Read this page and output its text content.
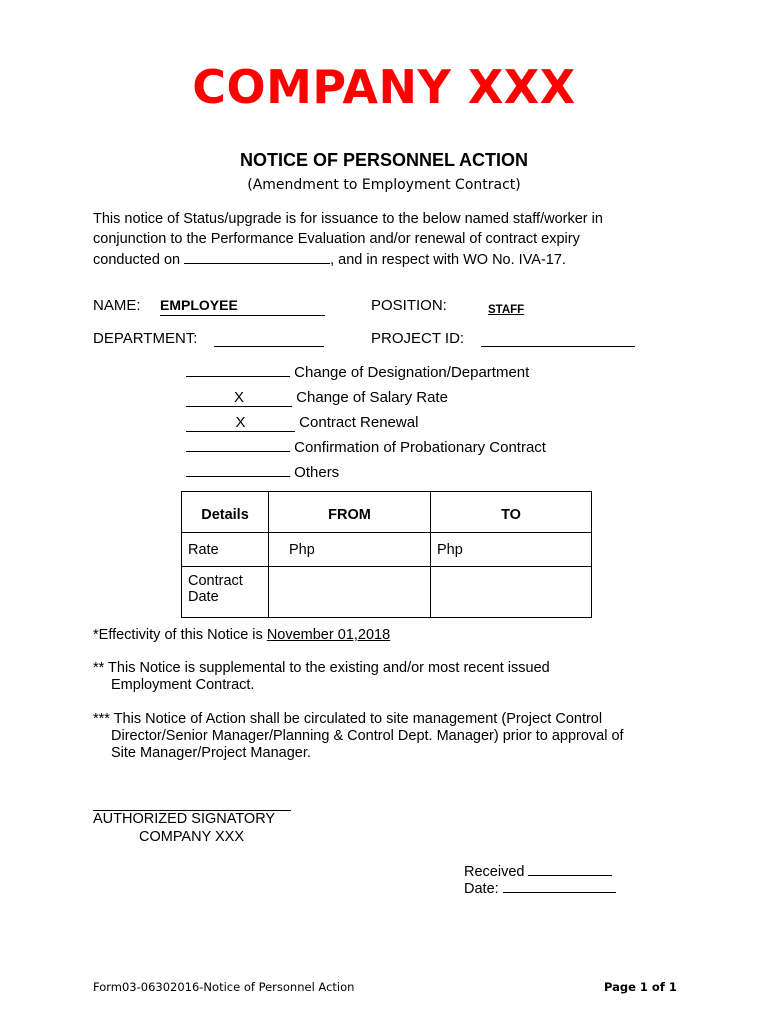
COMPANY XXX
NOTICE OF PERSONNEL ACTION
(Amendment to Employment Contract)
This notice of Status/upgrade is for issuance to the below named staff/worker in
conjunction to the Performance Evaluation and/or renewal of contract expiry
conducted on	, and in respect with WO No. IVA-17.
NAME: EMPLOYEE	POSITION:	STAFF
DEPARTMENT:	PROJECT ID:
Change of Designation/Department
X	Change of Salary Rate
X	Contract Renewal
Confirmation of Probationary Contract
Others
Details	FROM	TO
Rate	Php	Php
Contract Date		
*Effectivity of this Notice is November 01,2018
** This Notice is supplemental to the existing and/or most recent issued
Employment Contract.
*** This Notice of Action shall be circulated to site management (Project Control
Director/Senior Manager/Planning & Control Dept. Manager) prior to approval of
Site Manager/Project Manager.
AUTHORIZED SIGNATORY
COMPANY XXX
Received
Date:
Form03-06302016-Notice of Personnel Action	Page 1 of 1
